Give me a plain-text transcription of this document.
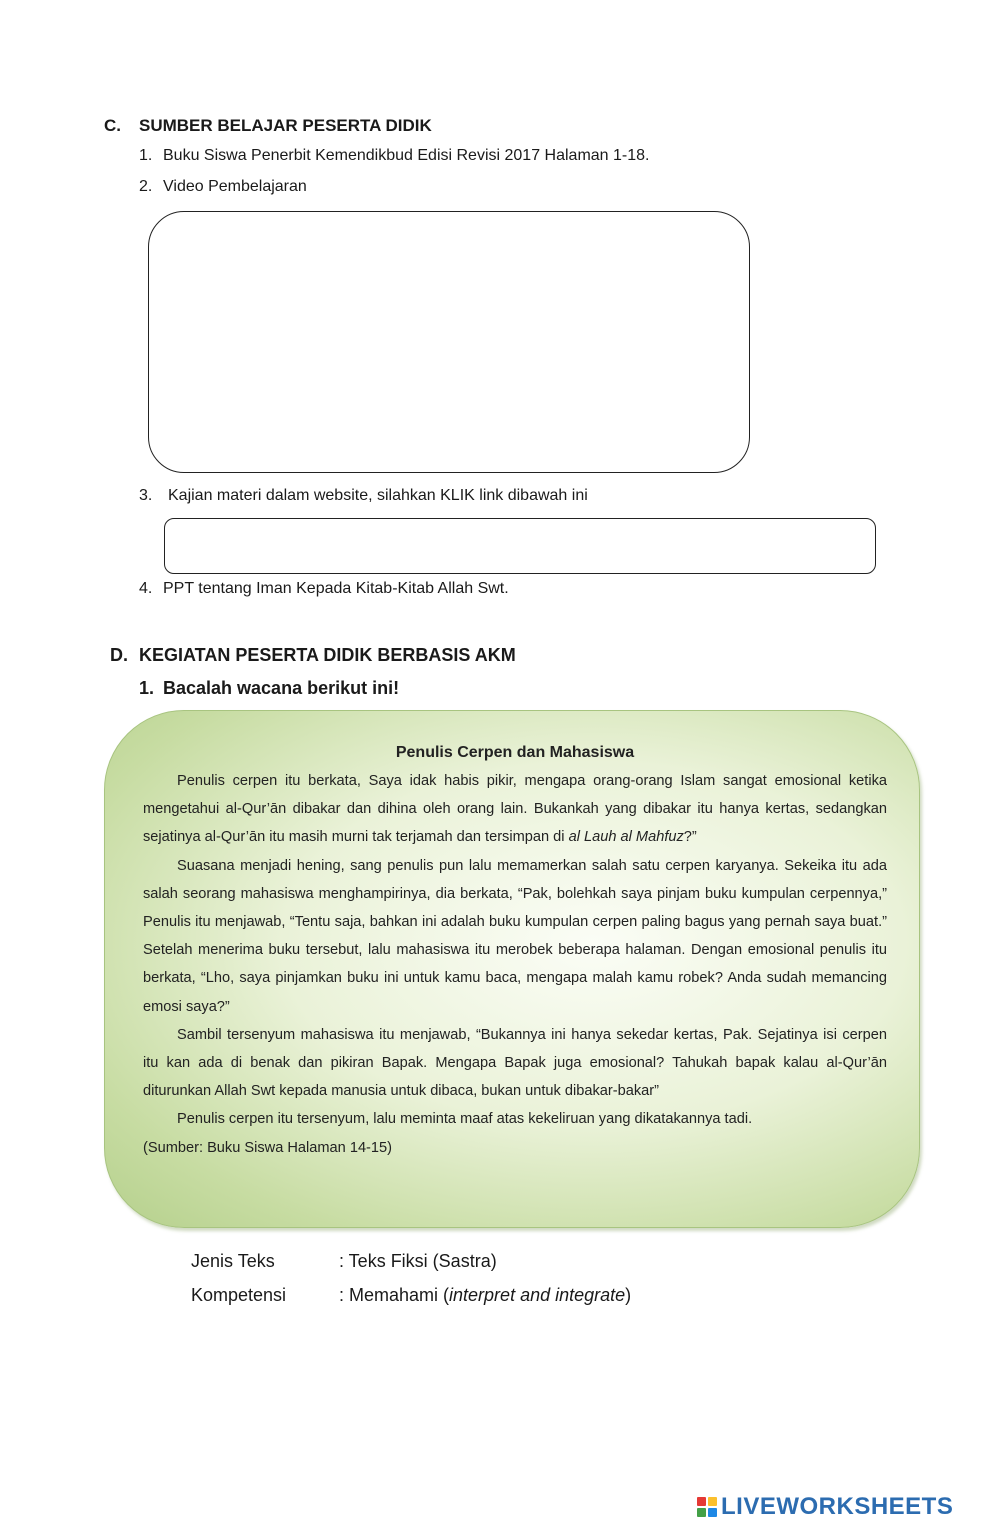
C. SUMBER BELAJAR PESERTA DIDIK
1. Buku Siswa Penerbit Kemendikbud Edisi Revisi 2017 Halaman 1-18.
2. Video Pembelajaran
3. Kajian materi dalam website, silahkan KLIK link dibawah ini
4. PPT tentang Iman Kepada Kitab-Kitab Allah Swt.
D. KEGIATAN PESERTA DIDIK BERBASIS AKM
1. Bacalah wacana berikut ini!
Penulis Cerpen dan Mahasiswa

Penulis cerpen itu berkata, Saya idak habis pikir, mengapa orang-orang Islam sangat emosional ketika mengetahui al-Qur’ān dibakar dan dihina oleh orang lain. Bukankah yang dibakar itu hanya kertas, sedangkan sejatinya al-Qur’ān itu masih murni tak terjamah dan tersimpan di al Lauh al Mahfuz?”

Suasana menjadi hening, sang penulis pun lalu memamerkan salah satu cerpen karyanya. Sekeika itu ada salah seorang mahasiswa menghampirinya, dia berkata, “Pak, bolehkah saya pinjam buku kumpulan cerpennya,” Penulis itu menjawab, “Tentu saja, bahkan ini adalah buku kumpulan cerpen paling bagus yang pernah saya buat.” Setelah menerima buku tersebut, lalu mahasiswa itu merobek beberapa halaman. Dengan emosional penulis itu berkata, “Lho, saya pinjamkan buku ini untuk kamu baca, mengapa malah kamu robek? Anda sudah memancing emosi saya?”

Sambil tersenyum mahasiswa itu menjawab, “Bukannya ini hanya sekedar kertas, Pak. Sejatinya isi cerpen itu kan ada di benak dan pikiran Bapak. Mengapa Bapak juga emosional? Tahukah bapak kalau al-Qur’ān diturunkan Allah Swt kepada manusia untuk dibaca, bukan untuk dibakar-bakar”

Penulis cerpen itu tersenyum, lalu meminta maaf atas kekeliruan yang dikatakannya tadi.

(Sumber: Buku Siswa Halaman 14-15)

Jenis Teks	: Teks Fiksi (Sastra)
Kompetensi	: Memahami (interpret and integrate)
LIVEWORKSHEETS
